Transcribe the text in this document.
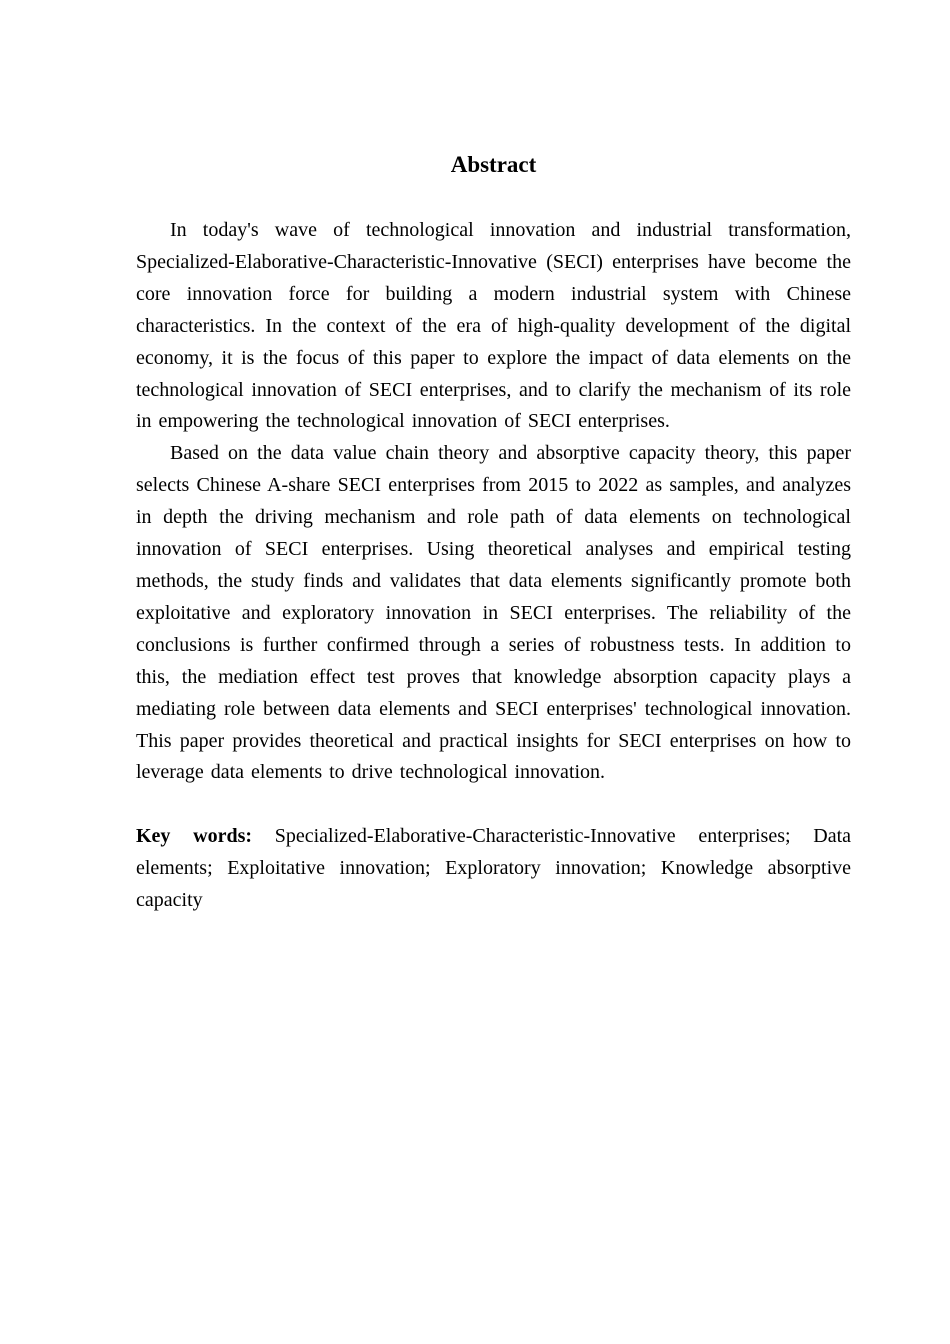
Abstract

In today's wave of technological innovation and industrial transformation, Specialized-Elaborative-Characteristic-Innovative (SECI) enterprises have become the core innovation force for building a modern industrial system with Chinese characteristics. In the context of the era of high-quality development of the digital economy, it is the focus of this paper to explore the impact of data elements on the technological innovation of SECI enterprises, and to clarify the mechanism of its role in empowering the technological innovation of SECI enterprises.

Based on the data value chain theory and absorptive capacity theory, this paper selects Chinese A-share SECI enterprises from 2015 to 2022 as samples, and analyzes in depth the driving mechanism and role path of data elements on technological innovation of SECI enterprises. Using theoretical analyses and empirical testing methods, the study finds and validates that data elements significantly promote both exploitative and exploratory innovation in SECI enterprises. The reliability of the conclusions is further confirmed through a series of robustness tests. In addition to this, the mediation effect test proves that knowledge absorption capacity plays a mediating role between data elements and SECI enterprises' technological innovation. This paper provides theoretical and practical insights for SECI enterprises on how to leverage data elements to drive technological innovation.

Key words: Specialized-Elaborative-Characteristic-Innovative enterprises; Data elements; Exploitative innovation; Exploratory innovation; Knowledge absorptive capacity
